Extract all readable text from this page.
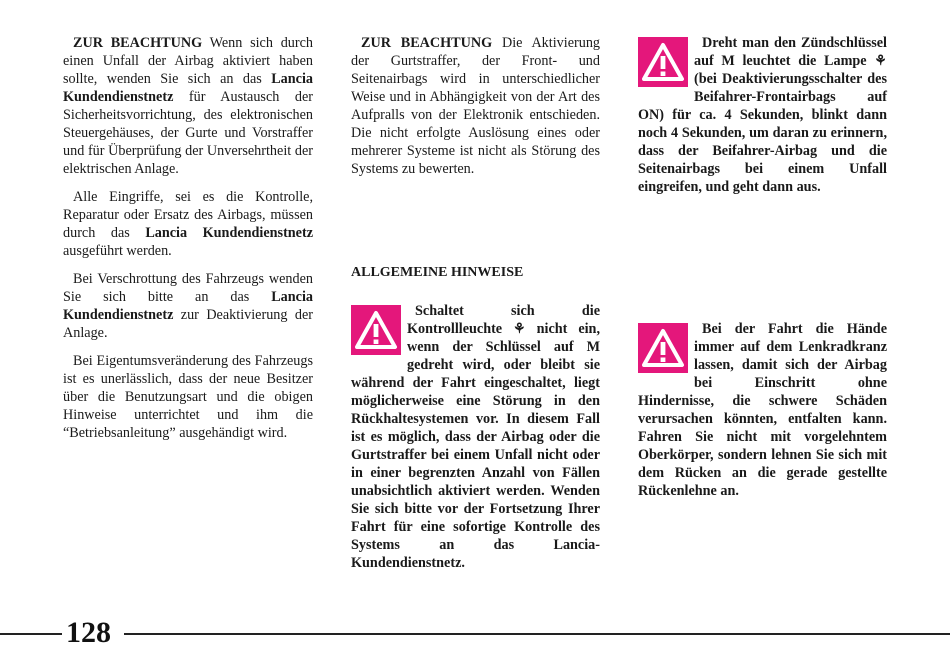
ZUR BEACHTUNG Wenn sich durch einen Unfall der Airbag aktiviert haben sollte, wenden Sie sich an das Lancia Kundendienstnetz für Austausch der Sicherheitsvorrichtung, des elektronischen Steuergehäuses, der Gurte und Vorstraffer und für Überprüfung der Unversehrtheit der elektrischen Anlage.

Alle Eingriffe, sei es die Kontrolle, Reparatur oder Ersatz des Airbags, müssen durch das Lancia Kundendienstnetz ausgeführt werden.

Bei Verschrottung des Fahrzeugs wenden Sie sich bitte an das Lancia Kundendienstnetz zur Deaktivierung der Anlage.

Bei Eigentumsveränderung des Fahrzeugs ist es unerlässlich, dass der neue Besitzer über die Benutzungsart und die obigen Hinweise unterrichtet und ihm die “Betriebsanleitung” ausgehändigt wird.

ZUR BEACHTUNG Die Aktivierung der Gurtstraffer, der Front- und Seitenairbags wird in unterschiedlicher Weise und in Abhängigkeit von der Art des Aufpralls von der Elektronik entschieden. Die nicht erfolgte Auslösung eines oder mehrerer Systeme ist nicht als Störung des Systems zu bewerten.

ALLGEMEINE HINWEISE

Schaltet sich die Kontrollleuchte ⚘ nicht ein, wenn der Schlüssel auf M gedreht wird, oder bleibt sie während der Fahrt eingeschaltet, liegt möglicherweise eine Störung in den Rückhaltesystemen vor. In diesem Fall ist es möglich, dass der Airbag oder die Gurtstraffer bei einem Unfall nicht oder in einer begrenzten Anzahl von Fällen unabsichtlich aktiviert werden. Wenden Sie sich bitte vor der Fortsetzung Ihrer Fahrt für eine sofortige Kontrolle des Systems an das Lancia-Kundendienstnetz.

Dreht man den Zündschlüssel auf M leuchtet die Lampe ⚘ (bei Deaktivierungsschalter des Beifahrer-Frontairbags auf ON) für ca. 4 Sekunden, blinkt dann noch 4 Sekunden, um daran zu erinnern, dass der Beifahrer-Airbag und die Seitenairbags bei einem Unfall eingreifen, und geht dann aus.

Bei der Fahrt die Hände immer auf dem Lenkradkranz lassen, damit sich der Airbag bei Einschritt ohne Hindernisse, die schwere Schäden verursachen könnten, entfalten kann. Fahren Sie nicht mit vorgelehntem Oberkörper, sondern lehnen Sie sich mit dem Rücken an die gerade gestellte Rückenlehne an.

128
